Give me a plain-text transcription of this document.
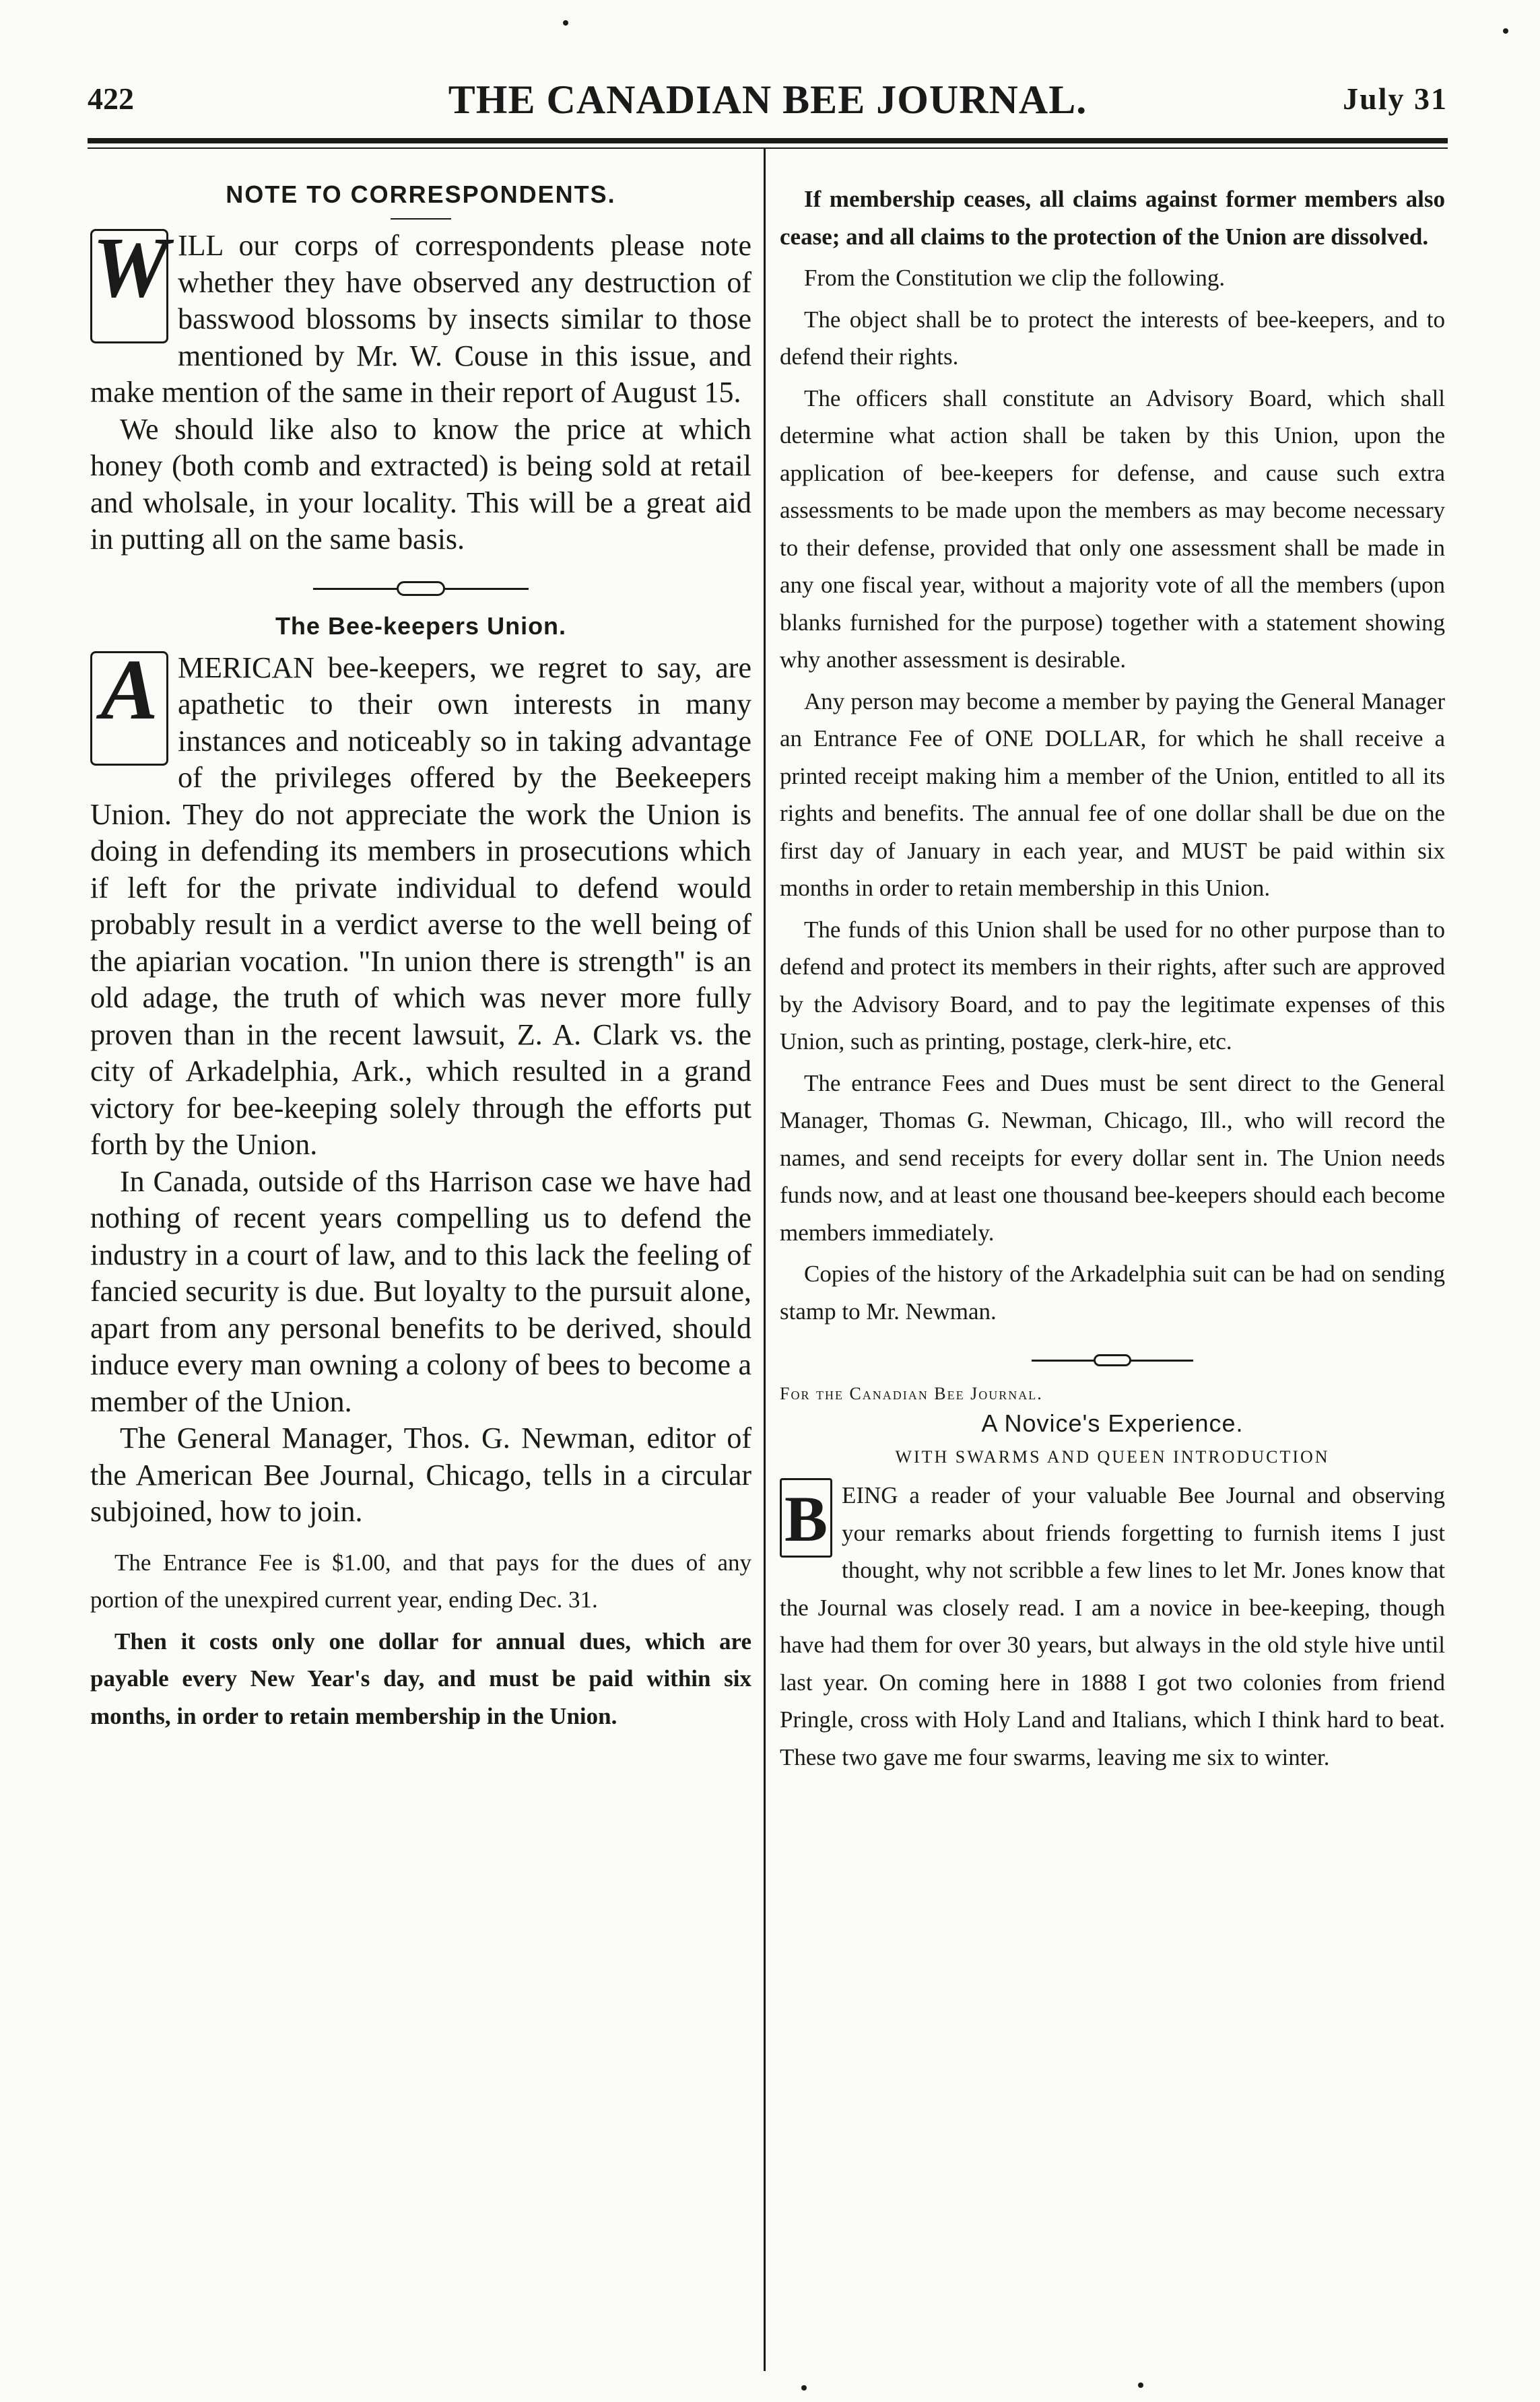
422	THE CANADIAN BEE JOURNAL.	July 31
NOTE TO CORRESPONDENTS.
W ILL our corps of correspondents please note whether they have observed any destruction of basswood blossoms by insects similar to those mentioned by Mr. W. Couse in this issue, and make mention of the same in their report of August 15.

We should like also to know the price at which honey (both comb and extracted) is being sold at retail and wholsale, in your locality. This will be a great aid in putting all on the same basis.

The Bee-keepers Union.
A MERICAN bee-keepers, we regret to say, are apathetic to their own interests in many instances and noticeably so in taking advantage of the privileges offered by the Beekeepers Union. They do not appreciate the work the Union is doing in defending its members in prosecutions which if left for the private individual to defend would probably result in a verdict averse to the well being of the apiarian vocation. "In union there is strength" is an old adage, the truth of which was never more fully proven than in the recent lawsuit, Z. A. Clark vs. the city of Arkadelphia, Ark., which resulted in a grand victory for bee-keeping solely through the efforts put forth by the Union.

In Canada, outside of ths Harrison case we have had nothing of recent years compelling us to defend the industry in a court of law, and to this lack the feeling of fancied security is due. But loyalty to the pursuit alone, apart from any personal benefits to be derived, should induce every man owning a colony of bees to become a member of the Union.

The General Manager, Thos. G. Newman, editor of the American Bee Journal, Chicago, tells in a circular subjoined, how to join.

The Entrance Fee is $1.00, and that pays for the dues of any portion of the unexpired current year, ending Dec. 31.

Then it costs only one dollar for annual dues, which are payable every New Year's day, and must be paid within six months, in order to retain membership in the Union.

If membership ceases, all claims against former members also cease; and all claims to the protection of the Union are dissolved.

From the Constitution we clip the following.

The object shall be to protect the interests of bee-keepers, and to defend their rights.

The officers shall constitute an Advisory Board, which shall determine what action shall be taken by this Union, upon the application of bee-keepers for defense, and cause such extra assessments to be made upon the members as may become necessary to their defense, provided that only one assessment shall be made in any one fiscal year, without a majority vote of all the members (upon blanks furnished for the purpose) together with a statement showing why another assessment is desirable.

Any person may become a member by paying the General Manager an Entrance Fee of ONE DOLLAR, for which he shall receive a printed receipt making him a member of the Union, entitled to all its rights and benefits. The annual fee of one dollar shall be due on the first day of January in each year, and MUST be paid within six months in order to retain membership in this Union.

The funds of this Union shall be used for no other purpose than to defend and protect its members in their rights, after such are approved by the Advisory Board, and to pay the legitimate expenses of this Union, such as printing, postage, clerk-hire, etc.

The entrance Fees and Dues must be sent direct to the General Manager, Thomas G. Newman, Chicago, Ill., who will record the names, and send receipts for every dollar sent in. The Union needs funds now, and at least one thousand bee-keepers should each become members immediately.

Copies of the history of the Arkadelphia suit can be had on sending stamp to Mr. Newman.

For the Canadian Bee Journal.
A Novice's Experience.
WITH SWARMS AND QUEEN INTRODUCTION
B EING a reader of your valuable Bee Journal and observing your remarks about friends forgetting to furnish items I just thought, why not scribble a few lines to let Mr. Jones know that the Journal was closely read. I am a novice in bee-keeping, though have had them for over 30 years, but always in the old style hive until last year. On coming here in 1888 I got two colonies from friend Pringle, cross with Holy Land and Italians, which I think hard to beat. These two gave me four swarms, leaving me six to winter.
